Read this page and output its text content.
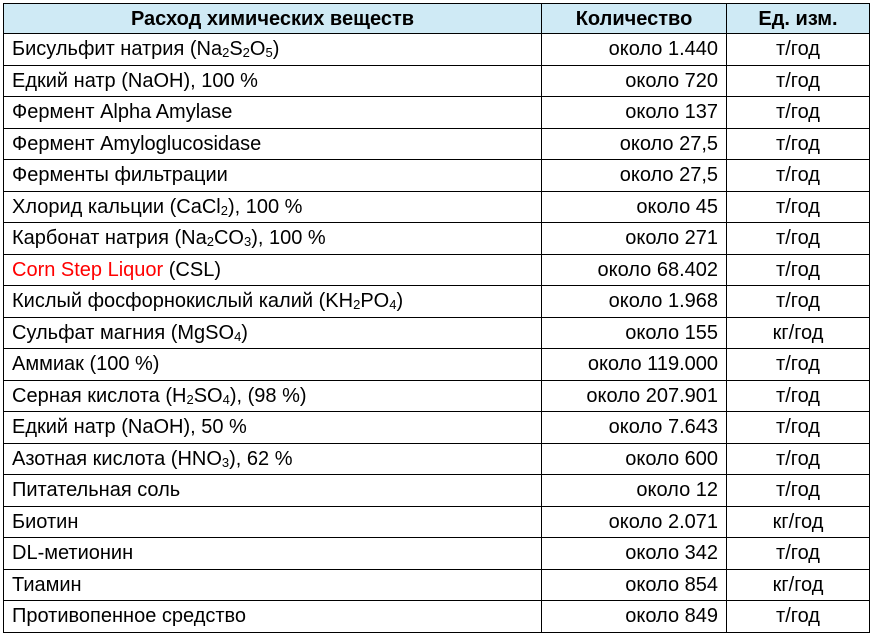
Расход химических веществ	Количество	Ед. изм.
Бисульфит натрия $(Na_2S_2O_5)$	около 1.440	т/год
Едкий натр (NaOH), 100 %	около 720	т/год
Фермент Alpha Amylase	около 137	т/год
Фермент Amyloglucosidase	около 27,5	т/год
Ферменты фильтрации	около 27,5	т/год
Хлорид кальции (CaCl$_2$), 100 %	около 45	т/год
Карбонат натрия $(Na_2CO_3)$, 100 %	около 271	т/год
Corn Step Liquor (CSL)	около 68.402	т/год
Кислый фосфорнокислый калий $(KH_2PO_4)$	около 1.968	т/год
Сульфат магния (MgSO$_4$)	около 155	кг/год
Аммиак (100 %)	около 119.000	т/год
Серная кислота $(H_2SO_4)$, (98 %)	около 207.901	т/год
Едкий натр (NaOH), 50 %	около 7.643	т/год
Азотная кислота $(HNO_3)$, 62 %	около 600	т/год
Питательная соль	около 12	т/год
Биотин	около 2.071	кг/год
DL-метионин	около 342	т/год
Тиамин	около 854	кг/год
Противопенное средство	около 849	т/год
